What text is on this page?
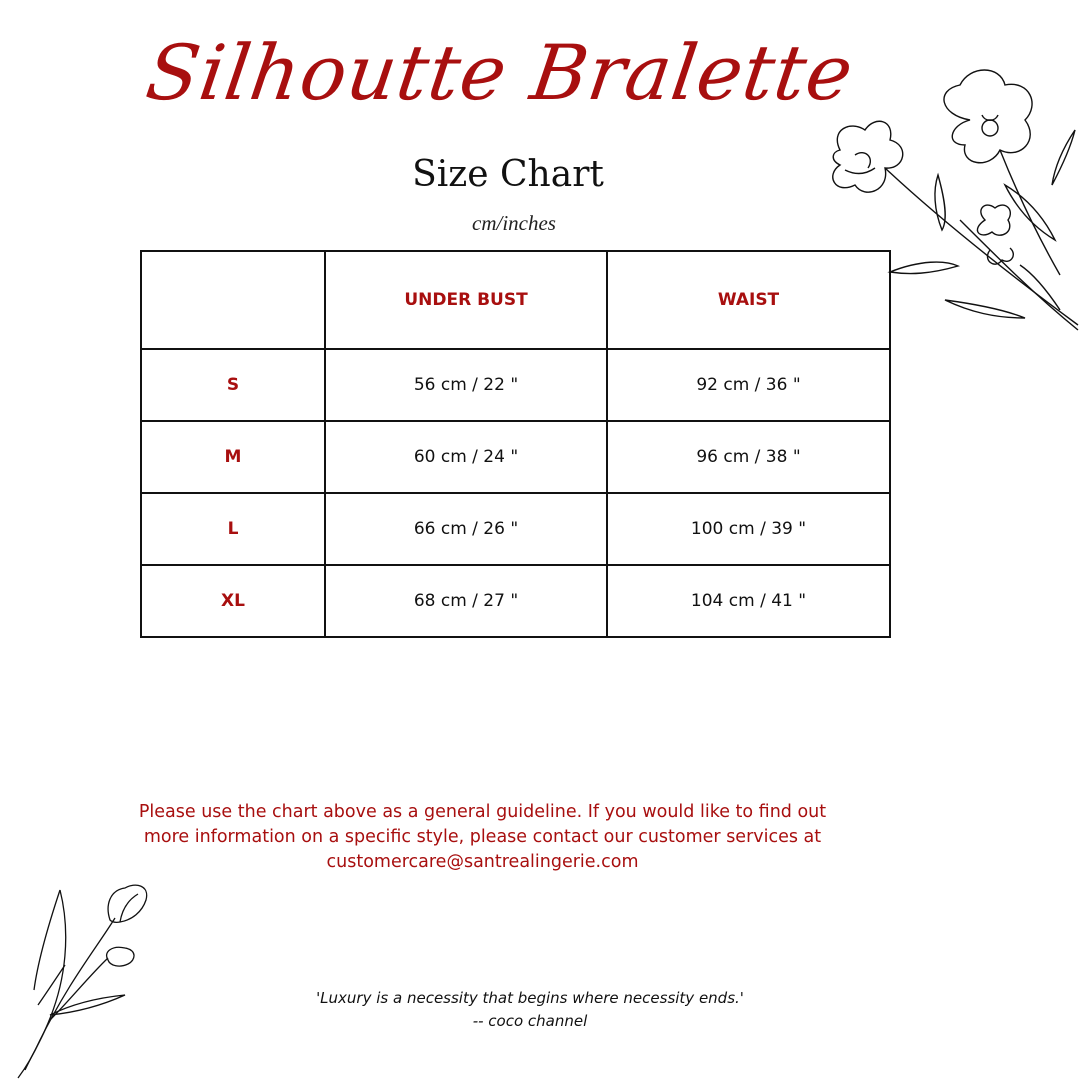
Silhoutte Bralette
Size Chart
cm/inches
	UNDER BUST	WAIST
S	56 cm / 22 "	92 cm / 36 "
M	60 cm / 24 "	96 cm / 38 "
L	66 cm / 26 "	100 cm / 39 "
XL	68 cm / 27 "	104 cm / 41 "
Please use the chart above as a general guideline. If you would like to find out
more information on a specific style, please contact our customer services at
customercare@santrealingerie.com
'Luxury is a necessity that begins where necessity ends.'
-- coco channel
